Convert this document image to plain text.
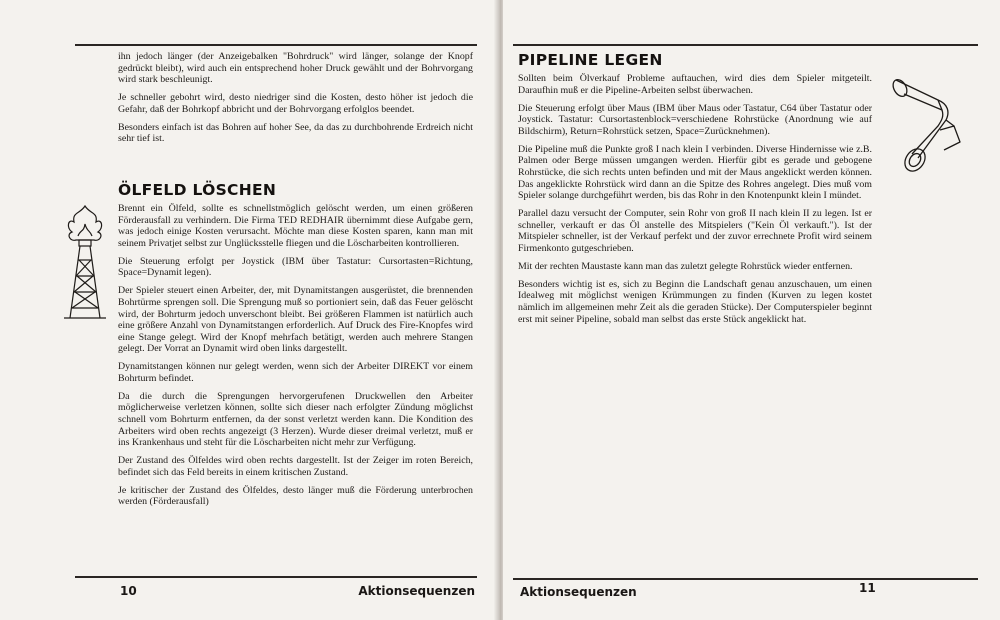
ihn jedoch länger (der Anzeigebalken "Bohrdruck" wird länger, solange der Knopf gedrückt bleibt), wird auch ein entsprechend hoher Druck gewählt und der Bohrvorgang wird stark beschleunigt.

Je schneller gebohrt wird, desto niedriger sind die Kosten, desto höher ist jedoch die Gefahr, daß der Bohrkopf abbricht und der Bohrvorgang erfolglos beendet.

Besonders einfach ist das Bohren auf hoher See, da das zu durchbohrende Erdreich nicht sehr tief ist.

ÖLFELD LÖSCHEN

Brennt ein Ölfeld, sollte es schnellstmöglich gelöscht werden, um einen größeren Förderausfall zu verhindern. Die Firma TED REDHAIR übernimmt diese Aufgabe gern, was jedoch einige Kosten verursacht. Möchte man diese Kosten sparen, kann man mit seinem Privatjet selbst zur Unglücksstelle fliegen und die Löscharbeiten kontrollieren.

Die Steuerung erfolgt per Joystick (IBM über Tastatur: Cursortasten=Richtung, Space=Dynamit legen).

Der Spieler steuert einen Arbeiter, der, mit Dynamitstangen ausgerüstet, die brennenden Bohrtürme sprengen soll. Die Sprengung muß so portioniert sein, daß das Feuer gelöscht wird, der Bohrturm jedoch unverschont bleibt. Bei größeren Flammen ist natürlich auch eine größere Anzahl von Dynamitstangen erforderlich. Auf Druck des Fire-Knopfes wird eine Stange gelegt. Wird der Knopf mehrfach betätigt, werden auch mehrere Stangen gelegt. Der Vorrat an Dynamit wird oben links dargestellt.

Dynamitstangen können nur gelegt werden, wenn sich der Arbeiter DIREKT vor einem Bohrturm befindet.

Da die durch die Sprengungen hervorgerufenen Druckwellen den Arbeiter möglicherweise verletzen können, sollte sich dieser nach erfolgter Zündung möglichst schnell vom Bohrturm entfernen, da der sonst verletzt werden kann. Die Kondition des Arbeiters wird oben rechts angezeigt (3 Herzen). Wurde dieser dreimal verletzt, muß er ins Krankenhaus und steht für die Löscharbeiten nicht mehr zur Verfügung.

Der Zustand des Ölfeldes wird oben rechts dargestellt. Ist der Zeiger im roten Bereich, befindet sich das Feld bereits in einem kritischen Zustand.

Je kritischer der Zustand des Ölfeldes, desto länger muß die Förderung unterbrochen werden (Förderausfall)

10	Aktionsequenzen
PIPELINE LEGEN

Sollten beim Ölverkauf Probleme auftauchen, wird dies dem Spieler mitgeteilt. Daraufhin muß er die Pipeline-Arbeiten selbst überwachen.

Die Steuerung erfolgt über Maus (IBM über Maus oder Tastatur, C64 über Tastatur oder Joystick. Tastatur: Cursortastenblock=verschiedene Rohrstücke (Anordnung wie auf Bildschirm), Return=Rohrstück setzen, Space=Zurücknehmen).

Die Pipeline muß die Punkte groß I nach klein I verbinden. Diverse Hindernisse wie z.B. Palmen oder Berge müssen umgangen werden. Hierfür gibt es gerade und gebogene Rohrstücke, die sich rechts unten befinden und mit der Maus angeklickt werden können. Das angeklickte Rohrstück wird dann an die Spitze des Rohres angelegt. Dies muß vom Spieler solange durchgeführt werden, bis das Rohr in den Knotenpunkt klein I mündet.

Parallel dazu versucht der Computer, sein Rohr von groß II nach klein II zu legen. Ist er schneller, verkauft er das Öl anstelle des Mitspielers ("Kein Öl verkauft."). Ist der Mitspieler schneller, ist der Verkauf perfekt und der zuvor errechnete Profit wird seinem Firmenkonto gutgeschrieben.

Mit der rechten Maustaste kann man das zuletzt gelegte Rohrstück wieder entfernen.

Besonders wichtig ist es, sich zu Beginn die Landschaft genau anzuschauen, um einen Idealweg mit möglichst wenigen Krümmungen zu finden (Kurven zu legen kostet nämlich im allgemeinen mehr Zeit als die geraden Stücke). Der Computerspieler beginnt erst mit seiner Pipeline, sobald man selbst das erste Stück angeklickt hat.

Aktionsequenzen	11
